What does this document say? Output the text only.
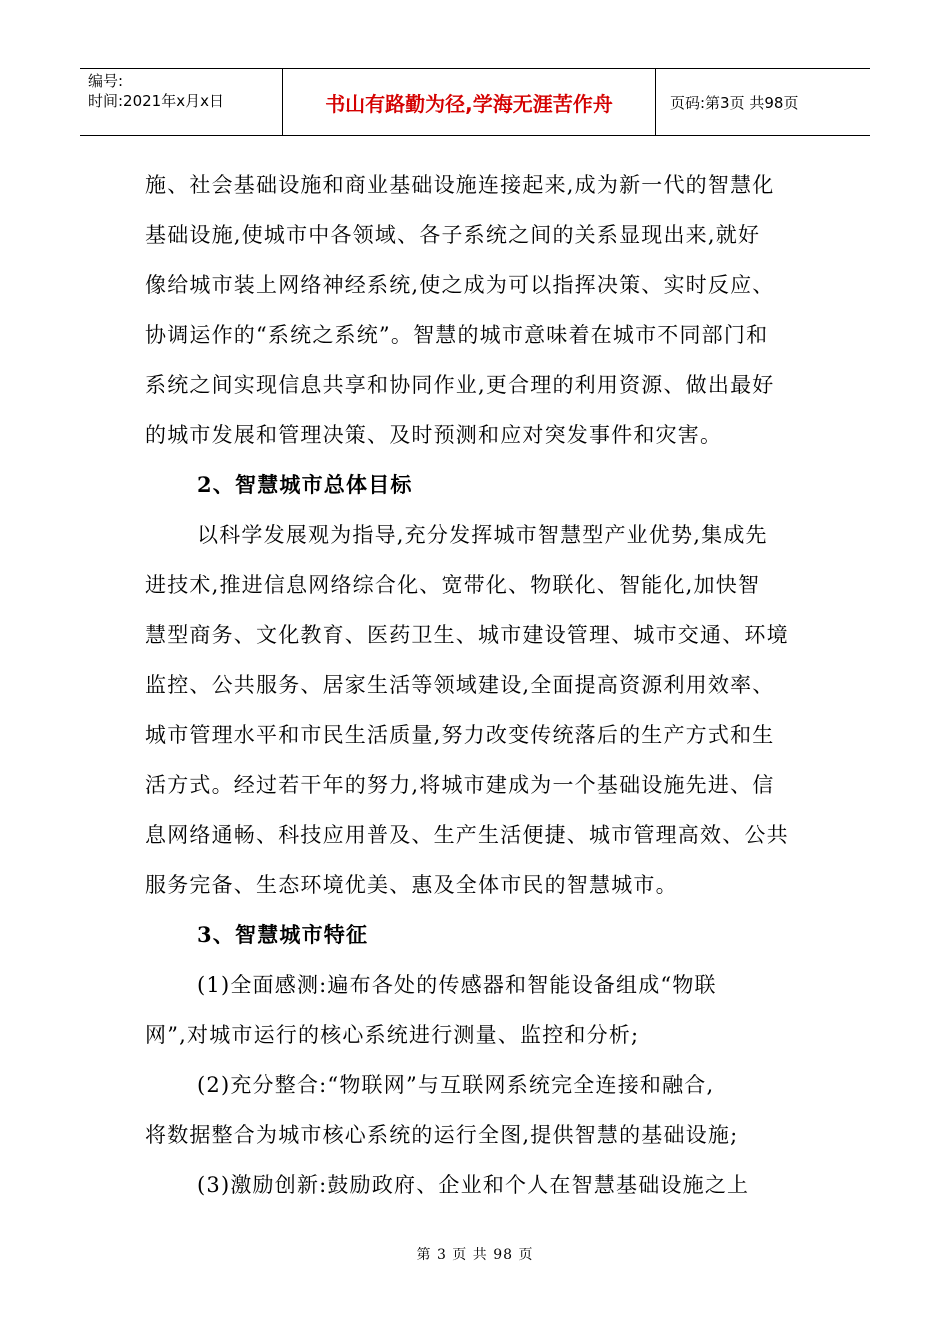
编号:
时间:2021年x月x日	书山有路勤为径,学海无涯苦作舟	页码:第3页 共98页
施、社会基础设施和商业基础设施连接起来,成为新一代的智慧化
基础设施,使城市中各领域、各子系统之间的关系显现出来,就好
像给城市装上网络神经系统,使之成为可以指挥决策、实时反应、
协调运作的“系统之系统”。智慧的城市意味着在城市不同部门和
系统之间实现信息共享和协同作业,更合理的利用资源、做出最好
的城市发展和管理决策、及时预测和应对突发事件和灾害。
2、智慧城市总体目标
以科学发展观为指导,充分发挥城市智慧型产业优势,集成先
进技术,推进信息网络综合化、宽带化、物联化、智能化,加快智
慧型商务、文化教育、医药卫生、城市建设管理、城市交通、环境
监控、公共服务、居家生活等领域建设,全面提高资源利用效率、
城市管理水平和市民生活质量,努力改变传统落后的生产方式和生
活方式。经过若干年的努力,将城市建成为一个基础设施先进、信
息网络通畅、科技应用普及、生产生活便捷、城市管理高效、公共
服务完备、生态环境优美、惠及全体市民的智慧城市。
3、智慧城市特征
(1)全面感测:遍布各处的传感器和智能设备组成“物联
网”,对城市运行的核心系统进行测量、监控和分析;
(2)充分整合:“物联网”与互联网系统完全连接和融合,
将数据整合为城市核心系统的运行全图,提供智慧的基础设施;
(3)激励创新:鼓励政府、企业和个人在智慧基础设施之上
第 3 页 共 98 页
